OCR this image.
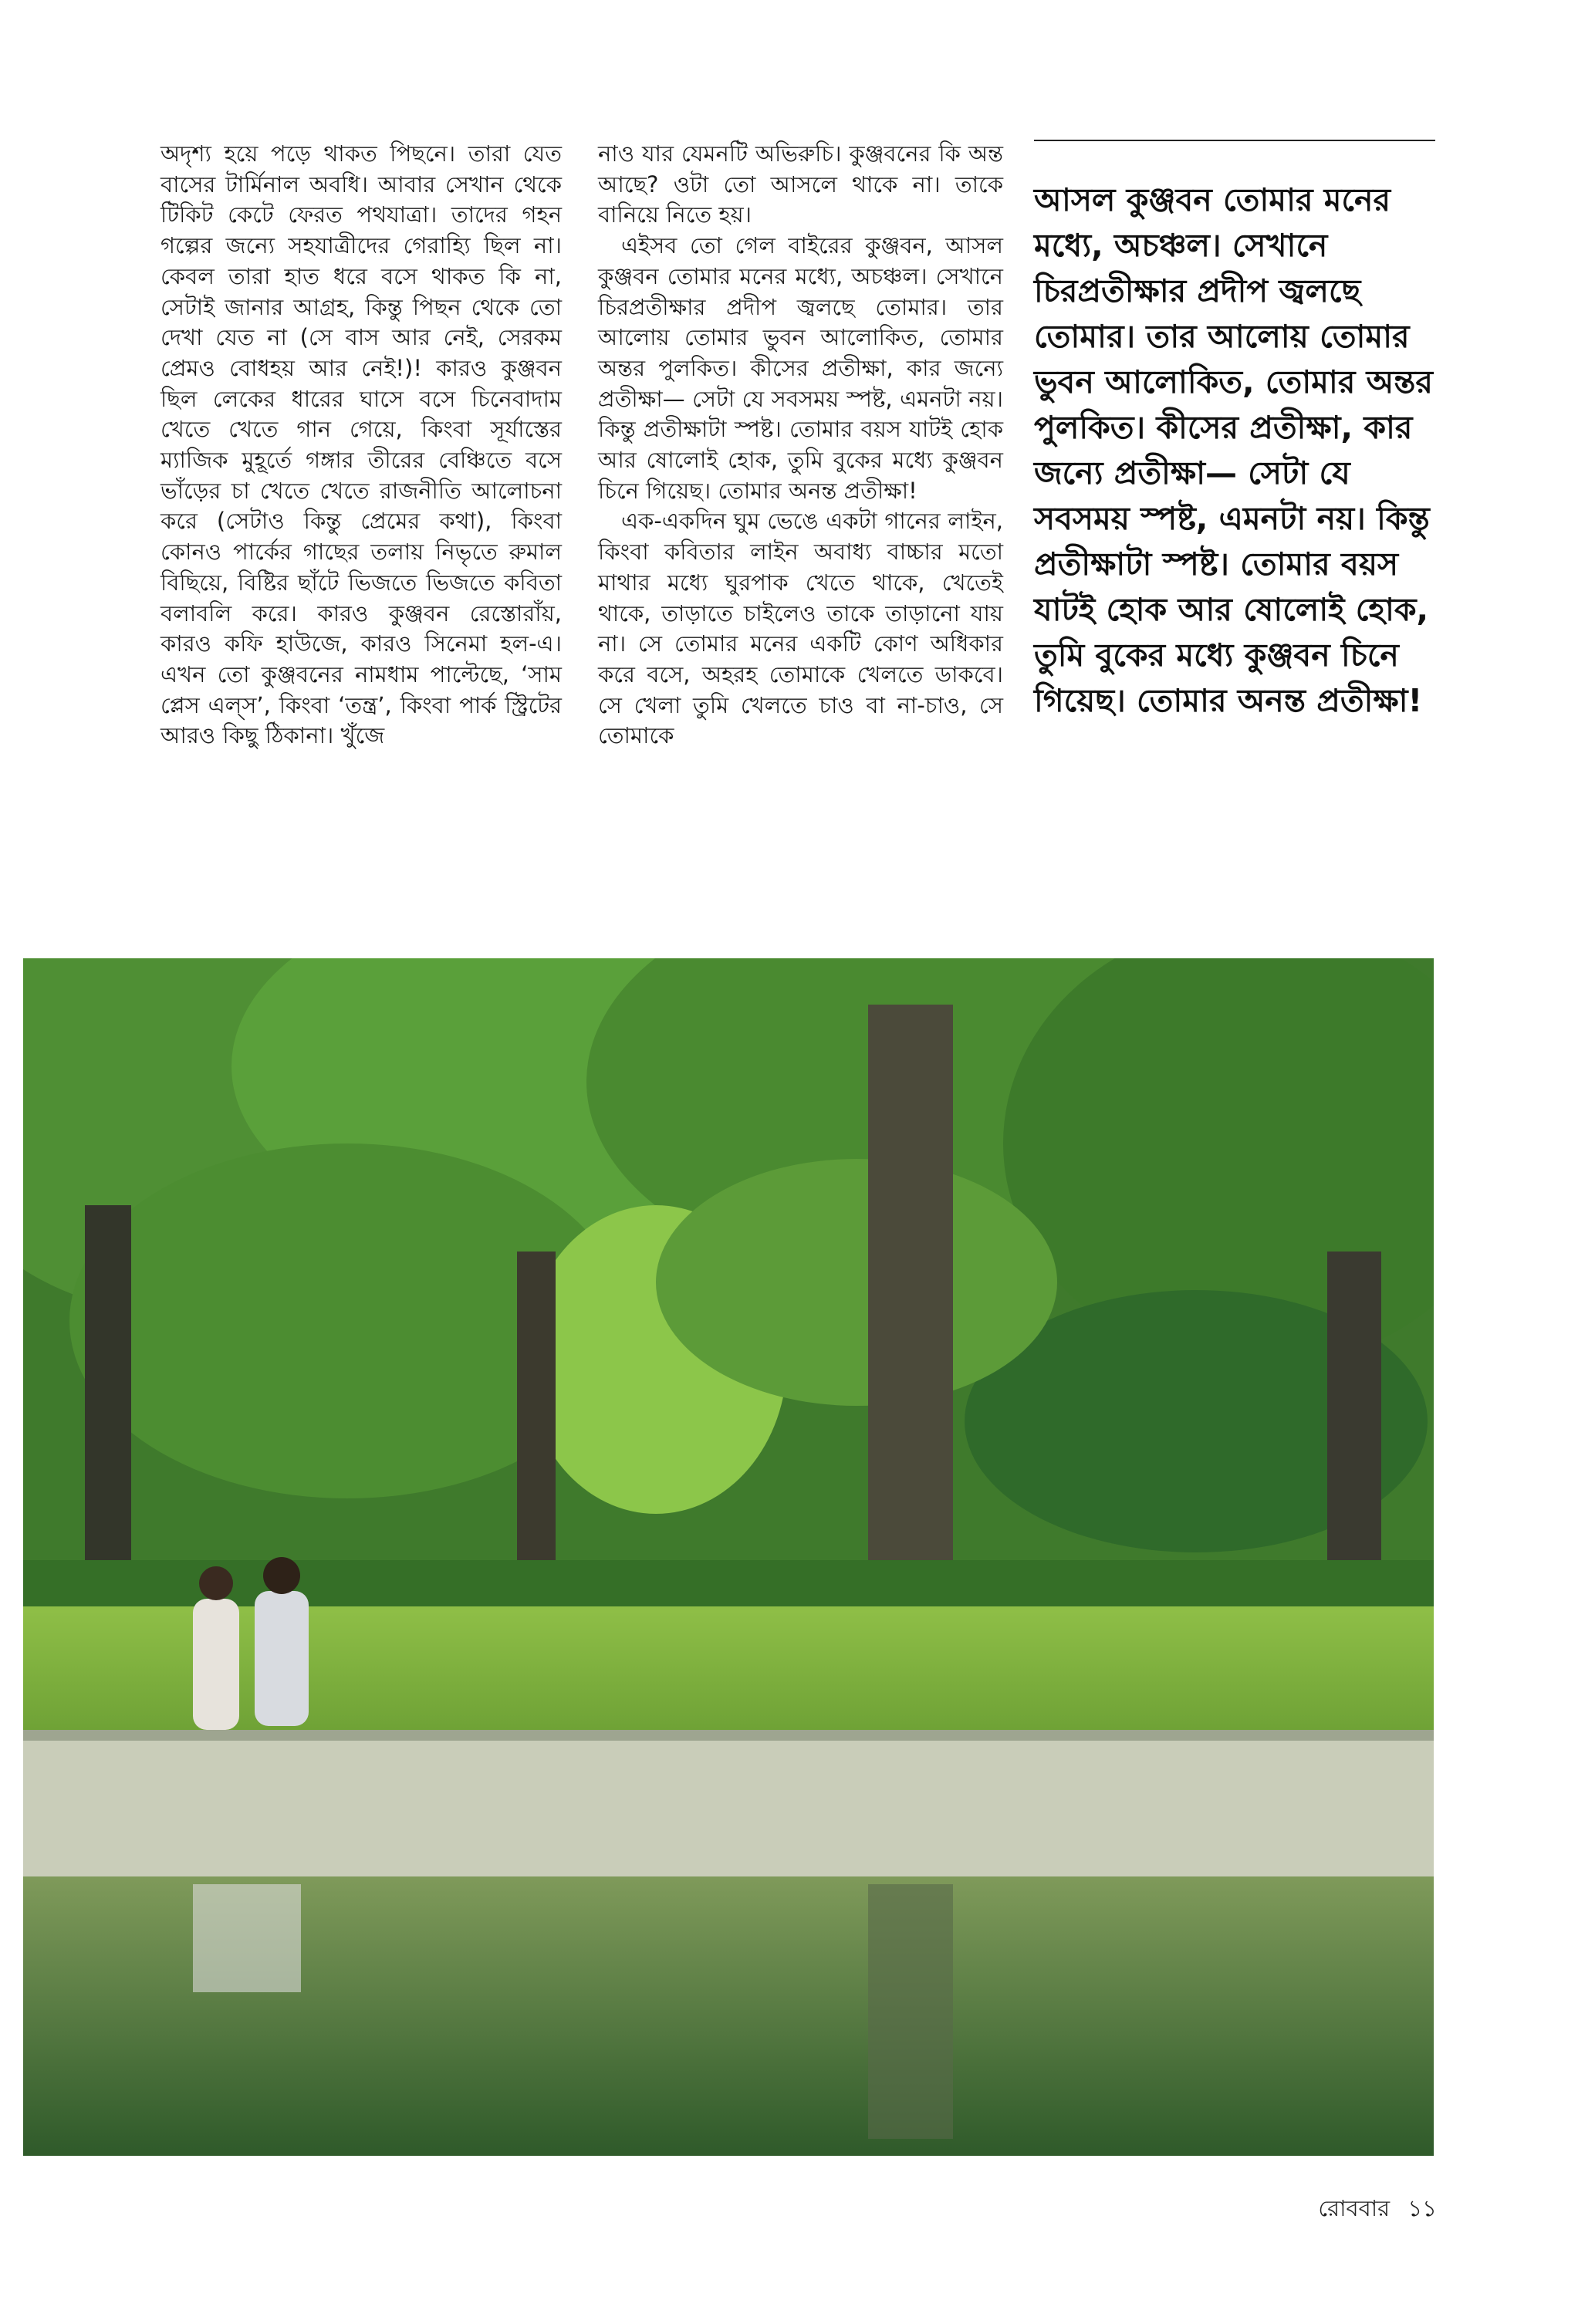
অদৃশ্য হয়ে পড়ে থাকত পিছনে। তারা যেত বাসের টার্মিনাল অবধি। আবার সেখান থেকে টিকিট কেটে ফেরত পথযাত্রা। তাদের গহন গল্পের জন্যে সহযাত্রীদের গেরাহ্যি ছিল না। কেবল তারা হাত ধরে বসে থাকত কি না, সেটাই জানার আগ্রহ, কিন্তু পিছন থেকে তো দেখা যেত না (সে বাস আর নেই, সেরকম প্রেমও বোধহয় আর নেই!)! কারও কুঞ্জবন ছিল লেকের ধারের ঘাসে বসে চিনেবাদাম খেতে খেতে গান গেয়ে, কিংবা সূর্যাস্তের ম্যাজিক মুহূর্তে গঙ্গার তীরের বেঞ্চিতে বসে ভাঁড়ের চা খেতে খেতে রাজনীতি আলোচনা করে (সেটাও কিন্তু প্রেমের কথা), কিংবা কোনও পার্কের গাছের তলায় নিভৃতে রুমাল বিছিয়ে, বিষ্টির ছাঁটে ভিজতে ভিজতে কবিতা বলাবলি করে। কারও কুঞ্জবন রেস্তোরাঁয়, কারও কফি হাউজে, কারও সিনেমা হল-এ। এখন তো কুঞ্জবনের নামধাম পাল্টেছে, ‘সাম প্লেস এল্‌স’, কিংবা ‘তন্ত্র’, কিংবা পার্ক স্ট্রিটের আরও কিছু ঠিকানা। খুঁজে

নাও যার যেমনটি অভিরুচি। কুঞ্জবনের কি অন্ত আছে? ওটা তো আসলে থাকে না। তাকে বানিয়ে নিতে হয়।

এইসব তো গেল বাইরের কুঞ্জবন, আসল কুঞ্জবন তোমার মনের মধ্যে, অচঞ্চল। সেখানে চিরপ্রতীক্ষার প্রদীপ জ্বলছে তোমার। তার আলোয় তোমার ভুবন আলোকিত, তোমার অন্তর পুলকিত। কীসের প্রতীক্ষা, কার জন্যে প্রতীক্ষা— সেটা যে সবসময় স্পষ্ট, এমনটা নয়। কিন্তু প্রতীক্ষাটা স্পষ্ট। তোমার বয়স যাটই হোক আর ষোলোই হোক, তুমি বুকের মধ্যে কুঞ্জবন চিনে গিয়েছ। তোমার অনন্ত প্রতীক্ষা!

এক-একদিন ঘুম ভেঙে একটা গানের লাইন, কিংবা কবিতার লাইন অবাধ্য বাচ্চার মতো মাথার মধ্যে ঘুরপাক খেতে থাকে, খেতেই থাকে, তাড়াতে চাইলেও তাকে তাড়ানো যায় না। সে তোমার মনের একটি কোণ অধিকার করে বসে, অহরহ তোমাকে খেলতে ডাকবে। সে খেলা তুমি খেলতে চাও বা না-চাও, সে তোমাকে

আসল কুঞ্জবন তোমার মনের মধ্যে, অচঞ্চল। সেখানে চিরপ্রতীক্ষার প্রদীপ জ্বলছে তোমার। তার আলোয় তোমার ভুবন আলোকিত, তোমার অন্তর পুলকিত। কীসের প্রতীক্ষা, কার জন্যে প্রতীক্ষা— সেটা যে সবসময় স্পষ্ট, এমনটা নয়। কিন্তু প্রতীক্ষাটা স্পষ্ট। তোমার বয়স যাটই হোক আর ষোলোই হোক, তুমি বুকের মধ্যে কুঞ্জবন চিনে গিয়েছ। তোমার অনন্ত প্রতীক্ষা!
রোববার ১১
